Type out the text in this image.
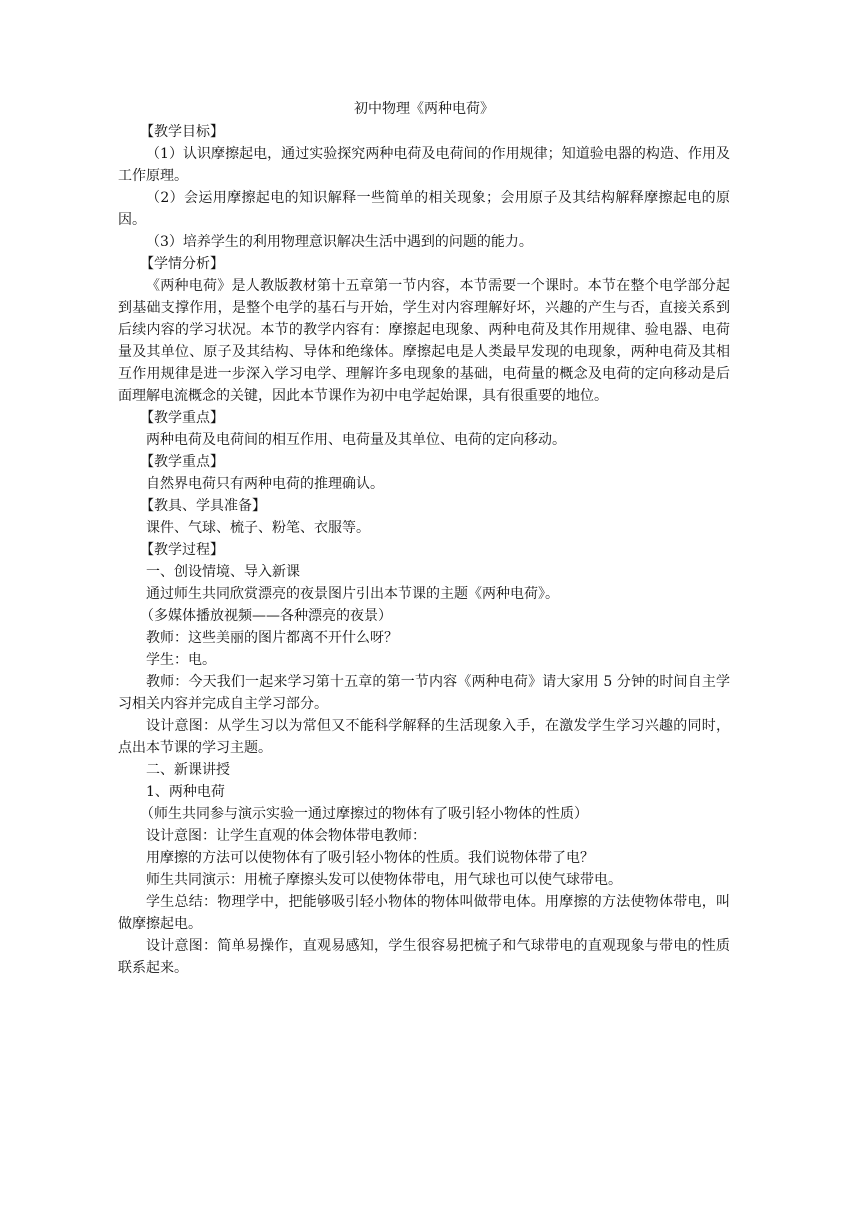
初中物理《两种电荷》
【教学目标】
（1）认识摩擦起电，通过实验探究两种电荷及电荷间的作用规律；知道验电器的构造、作用及工作原理。
（2）会运用摩擦起电的知识解释一些简单的相关现象；会用原子及其结构解释摩擦起电的原因。
（3）培养学生的利用物理意识解决生活中遇到的问题的能力。
【学情分析】
《两种电荷》是人教版教材第十五章第一节内容，本节需要一个课时。本节在整个电学部分起到基础支撑作用，是整个电学的基石与开始，学生对内容理解好坏，兴趣的产生与否，直接关系到后续内容的学习状况。本节的教学内容有：摩擦起电现象、两种电荷及其作用规律、验电器、电荷量及其单位、原子及其结构、导体和绝缘体。摩擦起电是人类最早发现的电现象，两种电荷及其相互作用规律是进一步深入学习电学、理解许多电现象的基础，电荷量的概念及电荷的定向移动是后面理解电流概念的关键，因此本节课作为初中电学起始课，具有很重要的地位。
【教学重点】
两种电荷及电荷间的相互作用、电荷量及其单位、电荷的定向移动。
【教学重点】
自然界电荷只有两种电荷的推理确认。
【教具、学具准备】
课件、气球、梳子、粉笔、衣服等。
【教学过程】
一、创设情境、导入新课
通过师生共同欣赏漂亮的夜景图片引出本节课的主题《两种电荷》。
（多媒体播放视频——各种漂亮的夜景）
教师：这些美丽的图片都离不开什么呀？
学生：电。
教师：今天我们一起来学习第十五章的第一节内容《两种电荷》请大家用 5 分钟的时间自主学习相关内容并完成自主学习部分。
设计意图：从学生习以为常但又不能科学解释的生活现象入手，在激发学生学习兴趣的同时，点出本节课的学习主题。
二、新课讲授
1、两种电荷
（师生共同参与演示实验一通过摩擦过的物体有了吸引轻小物体的性质）
设计意图：让学生直观的体会物体带电教师：
用摩擦的方法可以使物体有了吸引轻小物体的性质。我们说物体带了电？
师生共同演示：用梳子摩擦头发可以使物体带电，用气球也可以使气球带电。
学生总结：物理学中，把能够吸引轻小物体的物体叫做带电体。用摩擦的方法使物体带电，叫做摩擦起电。
设计意图：简单易操作，直观易感知，学生很容易把梳子和气球带电的直观现象与带电的性质联系起来。
